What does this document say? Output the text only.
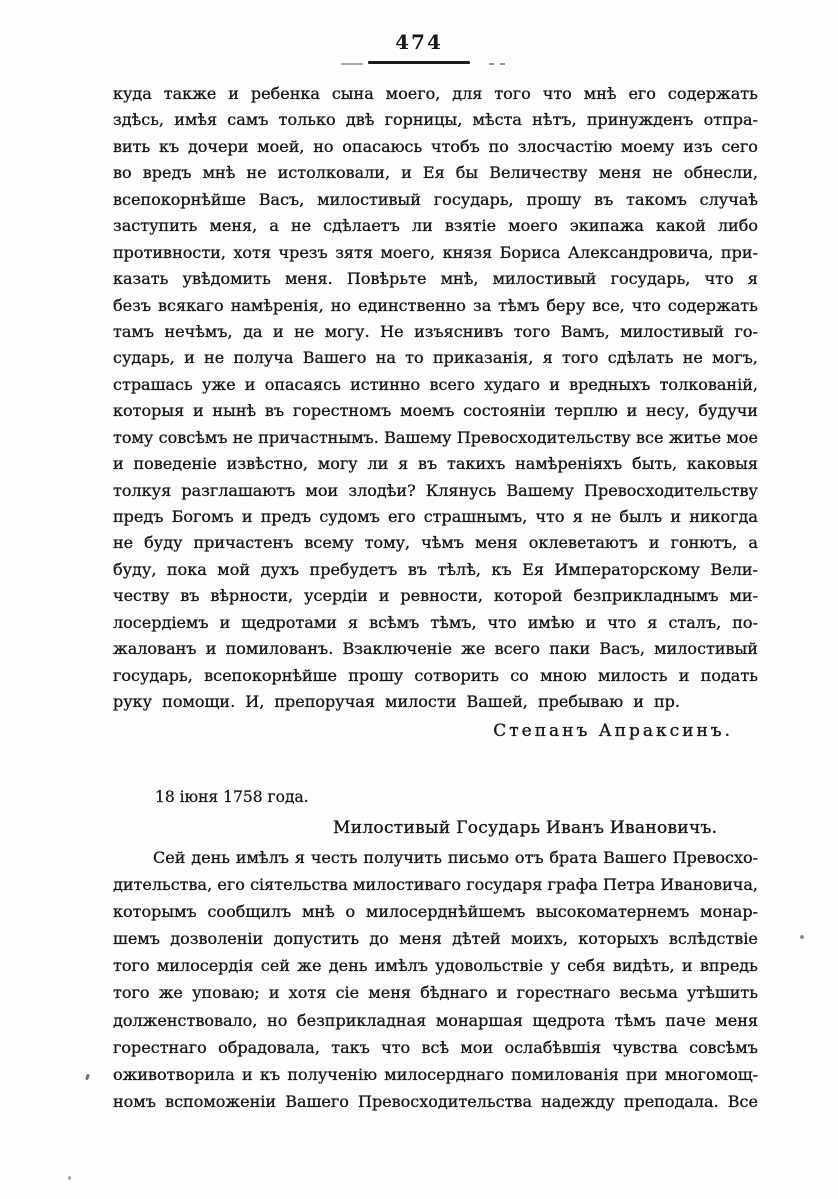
474
куда также и ребенка сына моего, для того что мнѣ его содержать
здѣсь, имѣя самъ только двѣ горницы, мѣста нѣтъ, принужденъ отпра-
вить къ дочери моей, но опасаюсь чтобъ по злосчастію моему изъ сего
во вредъ мнѣ не истолковали, и Ея бы Величеству меня не обнесли,
всепокорнѣйше Васъ, милостивый государь, прошу въ такомъ случаѣ
заступить меня, а не сдѣлаетъ ли взятіе моего экипажа какой либо
противности, хотя чрезъ зятя моего, князя Бориса Александровича, при-
казать увѣдомить меня. Повѣрьте мнѣ, милостивый государь, что я
безъ всякаго намѣренія, но единственно за тѣмъ беру все, что содержать
тамъ нечѣмъ, да и не могу. Не изъяснивъ того Вамъ, милостивый го-
сударь, и не получа Вашего на то приказанія, я того сдѣлать не могъ,
страшась уже и опасаясь истинно всего худаго и вредныхъ толкованій,
которыя и нынѣ въ горестномъ моемъ состояніи терплю и несу, будучи
тому совсѣмъ не причастнымъ. Вашему Превосходительству все житье мое
и поведеніе извѣстно, могу ли я въ такихъ намѣреніяхъ быть, каковыя
толкуя разглашаютъ мои злодѣи? Клянусь Вашему Превосходительству
предъ Богомъ и предъ судомъ его страшнымъ, что я не былъ и никогда
не буду причастенъ всему тому, чѣмъ меня оклеветаютъ и гонютъ, а
буду, пока мой духъ пребудетъ въ тѣлѣ, къ Ея Императорскому Вели-
честву въ вѣрности, усердіи и ревности, которой безприкладнымъ ми-
лосердіемъ и щедротами я всѣмъ тѣмъ, что имѣю и что я сталъ, по-
жалованъ и помилованъ. Взаключеніе же всего паки Васъ, милостивый
государь, всепокорнѣйше прошу сотворить со мною милость и подать
руку помощи. И, препоручая милости Вашей, пребываю и пр.
Степанъ Апраксинъ.
18 іюня 1758 года.
Милостивый Государь Иванъ Ивановичъ.
Сей день имѣлъ я честь получить письмо отъ брата Вашего Превосхо-
дительства, его сіятельства милостиваго государя графа Петра Ивановича,
которымъ сообщилъ мнѣ о милосерднѣйшемъ высокоматернемъ монар-
шемъ дозволеніи допустить до меня дѣтей моихъ, которыхъ вслѣдствіе
того милосердія сей же день имѣлъ удовольствіе у себя видѣть, и впредь
того же уповаю; и хотя сіе меня бѣднаго и горестнаго весьма утѣшить
долженствовало, но безприкладная монаршая щедрота тѣмъ паче меня
горестнаго обрадовала, такъ что всѣ мои ослабѣвшія чувства совсѣмъ
оживотворила и къ полученію милосерднаго помилованія при многомощ-
номъ вспоможеніи Вашего Превосходительства надежду преподала. Все
